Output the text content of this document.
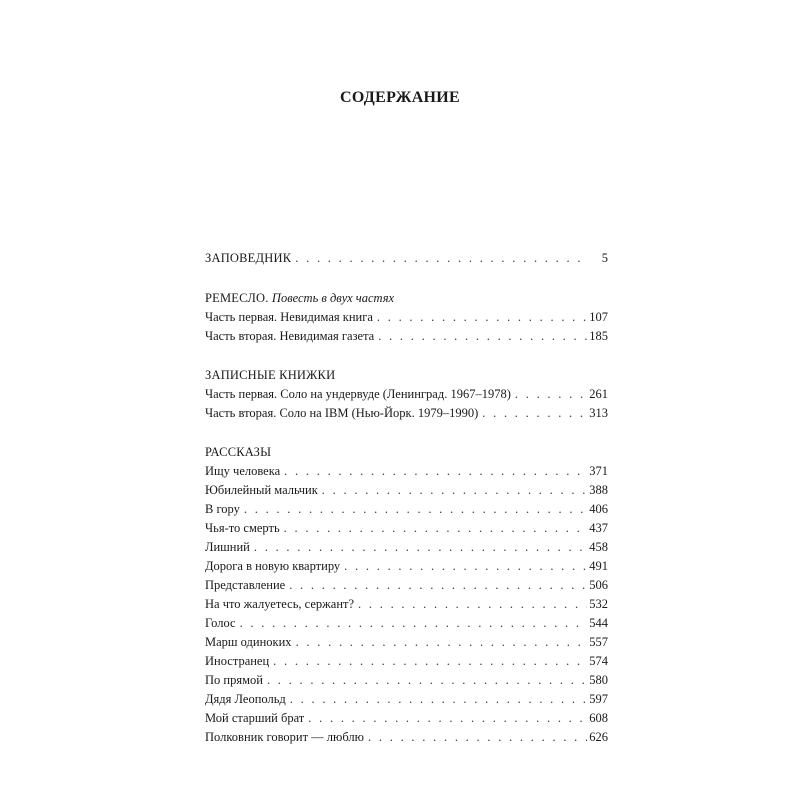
СОДЕРЖАНИЕ
ЗАПОВЕДНИК . . .	5
РЕМЕСЛО. Повесть в двух частях
Часть первая. Невидимая книга . . .	107
Часть вторая. Невидимая газета . . .	185
ЗАПИСНЫЕ КНИЖКИ
Часть первая. Соло на ундервуде (Ленинград. 1967–1978) . . .	261
Часть вторая. Соло на IBM (Нью-Йорк. 1979–1990) . . .	313
РАССКАЗЫ
Ищу человека . . .	371
Юбилейный мальчик . . .	388
В гору . . .	406
Чья-то смерть . . .	437
Лишний . . .	458
Дорога в новую квартиру . . .	491
Представление . . .	506
На что жалуетесь, сержант? . . .	532
Голос . . .	544
Марш одиноких . . .	557
Иностранец . . .	574
По прямой . . .	580
Дядя Леопольд . . .	597
Мой старший брат . . .	608
Полковник говорит — люблю . . .	626
